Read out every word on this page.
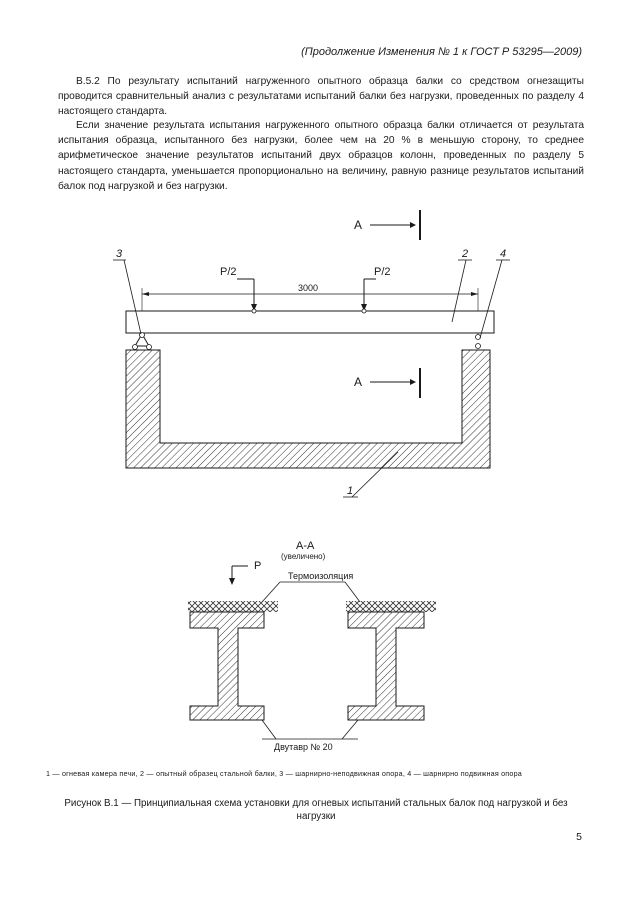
(Продолжение Изменения № 1 к ГОСТ Р 53295—2009)
В.5.2 По результату испытаний нагруженного опытного образца балки со средством огнезащиты проводится сравнительный анализ с результатами испытаний балки без нагрузки, проведенных по разделу 4 настоящего стандарта.
Если значение результата испытания нагруженного опытного образца балки отличается от результата испытания образца, испытанного без нагрузки, более чем на 20 % в меньшую сторону, то среднее арифметическое значение результатов испытаний двух образцов колонн, проведенных по разделу 5 настоящего стандарта, уменьшается пропорционально на величину, равную разнице результатов испытаний балок под нагрузкой и без нагрузки.
А
Р/2	Р/2
3000
А
3	2	4
1
А-А
(увеличено)
Р
Термоизоляция
Двутавр № 20
1 — огневая камера печи, 2 — опытный образец стальной балки, 3 — шарнирно-неподвижная опора, 4 — шарнирно подвижная опора
Рисунок В.1 — Принципиальная схема установки для огневых испытаний стальных балок под нагрузкой и без нагрузки
5
